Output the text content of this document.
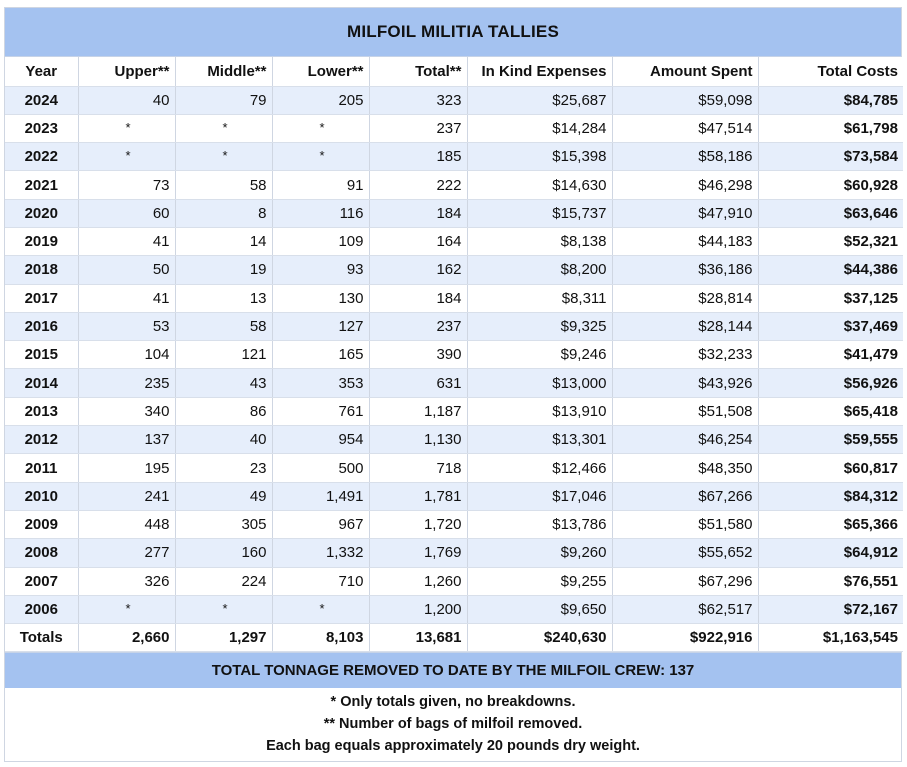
MILFOIL MILITIA TALLIES
Year	Upper**	Middle**	Lower**	Total**	In Kind Expenses	Amount Spent	Total Costs
2024	40	79	205	323	$25,687	$59,098	$84,785
2023	*	*	*	237	$14,284	$47,514	$61,798
2022	*	*	*	185	$15,398	$58,186	$73,584
2021	73	58	91	222	$14,630	$46,298	$60,928
2020	60	8	116	184	$15,737	$47,910	$63,646
2019	41	14	109	164	$8,138	$44,183	$52,321
2018	50	19	93	162	$8,200	$36,186	$44,386
2017	41	13	130	184	$8,311	$28,814	$37,125
2016	53	58	127	237	$9,325	$28,144	$37,469
2015	104	121	165	390	$9,246	$32,233	$41,479
2014	235	43	353	631	$13,000	$43,926	$56,926
2013	340	86	761	1,187	$13,910	$51,508	$65,418
2012	137	40	954	1,130	$13,301	$46,254	$59,555
2011	195	23	500	718	$12,466	$48,350	$60,817
2010	241	49	1,491	1,781	$17,046	$67,266	$84,312
2009	448	305	967	1,720	$13,786	$51,580	$65,366
2008	277	160	1,332	1,769	$9,260	$55,652	$64,912
2007	326	224	710	1,260	$9,255	$67,296	$76,551
2006	*	*	*	1,200	$9,650	$62,517	$72,167
Totals	2,660	1,297	8,103	13,681	$240,630	$922,916	$1,163,545
TOTAL TONNAGE REMOVED TO DATE BY THE MILFOIL CREW: 137
* Only totals given, no breakdowns.
** Number of bags of milfoil removed.
Each bag equals approximately 20 pounds dry weight.
